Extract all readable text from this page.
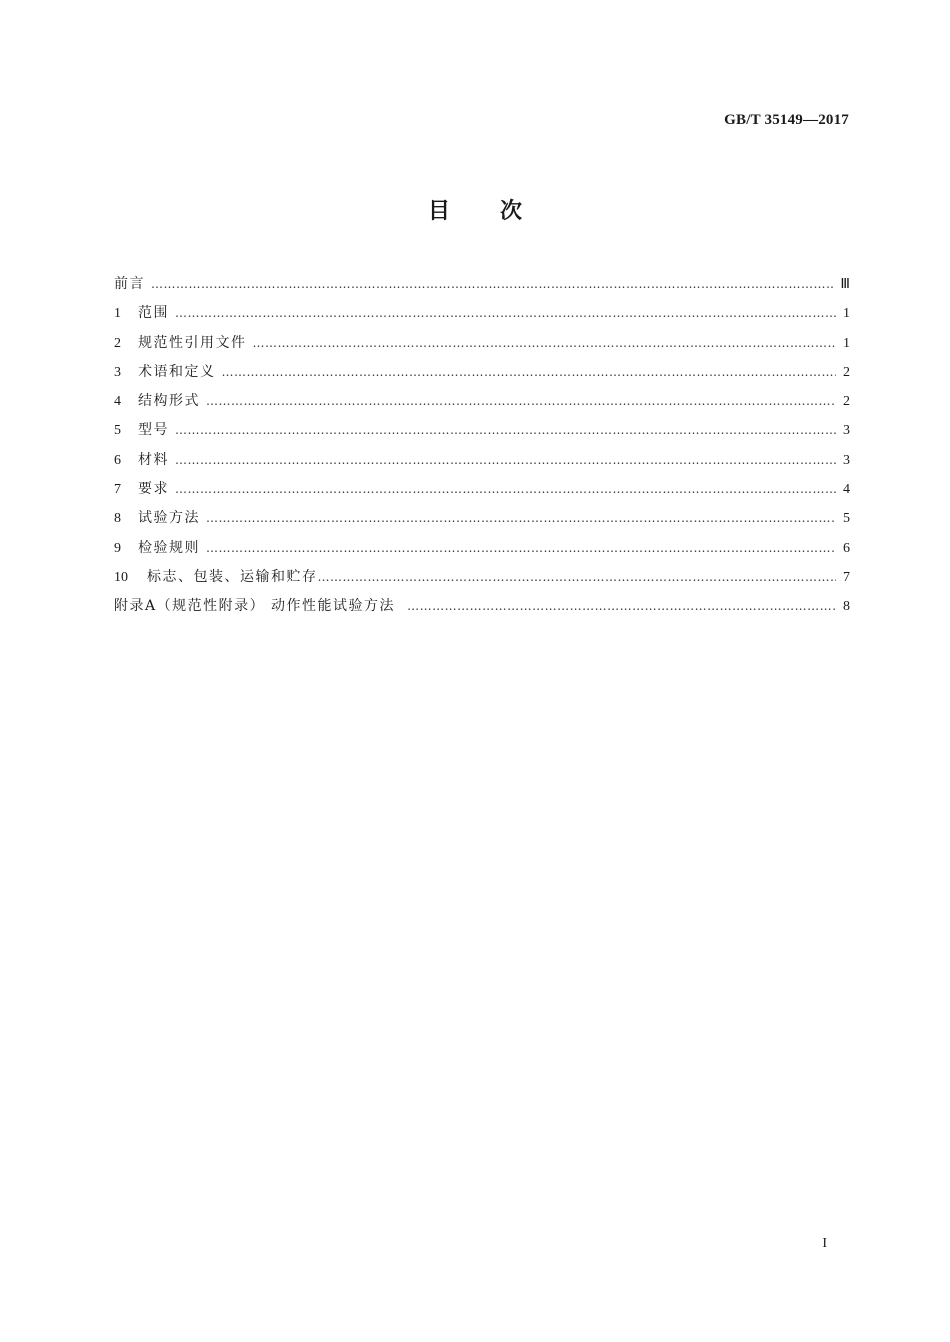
GB/T 35149—2017
目次
前言 ………………………………………………………………………………………………………………………………………………………………………………………………	Ⅲ
1	范围 ………………………………………………………………………………………………………………………………………………………………………………………………	1
2	规范性引用文件 ………………………………………………………………………………………………………………………………………………………………………………………………	1
3	术语和定义 ………………………………………………………………………………………………………………………………………………………………………………………………	2
4	结构形式 ………………………………………………………………………………………………………………………………………………………………………………………………	2
5	型号 ………………………………………………………………………………………………………………………………………………………………………………………………	3
6	材料 ………………………………………………………………………………………………………………………………………………………………………………………………	3
7	要求 ………………………………………………………………………………………………………………………………………………………………………………………………	4
8	试验方法 ………………………………………………………………………………………………………………………………………………………………………………………………	5
9	检验规则 ………………………………………………………………………………………………………………………………………………………………………………………………	6
10	标志、包装、运输和贮存 ………………………………………………………………………………………………………………………………………………………………………………………………	7
附录A（规范性附录） 动作性能试验方法 ………………………………………………………………………………………………………………………………………………………………………………………………	8
I
